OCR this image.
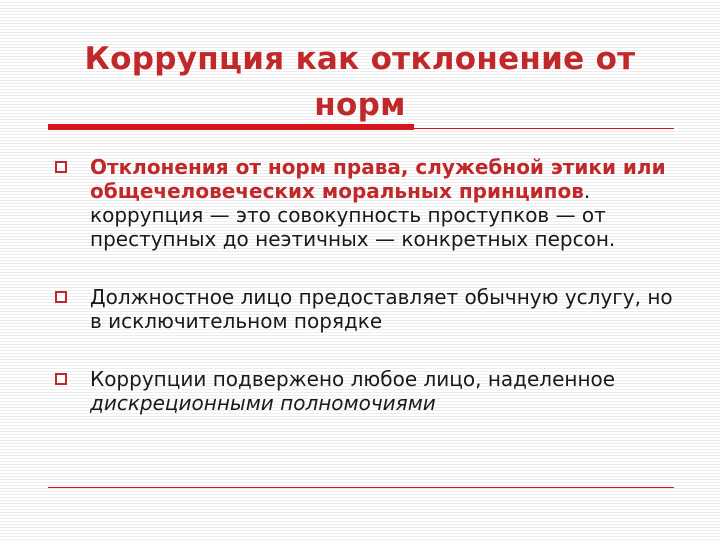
Коррупция как отклонение от норм
Отклонения от норм права, служебной этики или общечеловеческих моральных принципов. коррупция — это совокупность проступков — от преступных до неэтичных — конкретных персон.
Должностное лицо предоставляет обычную услугу, но в исключительном порядке
Коррупции подвержено любое лицо, наделенное дискреционными полномочиями
